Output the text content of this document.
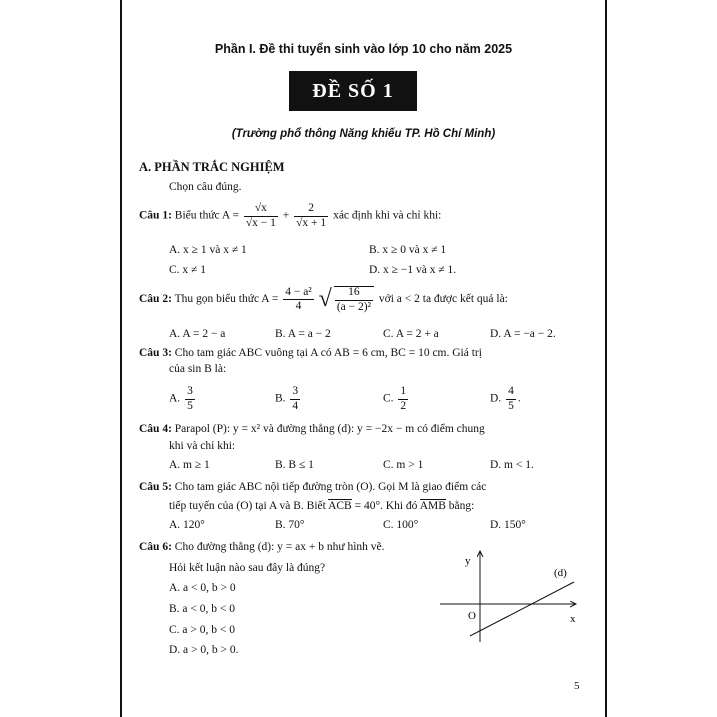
Phần I. Đề thi tuyển sinh vào lớp 10 cho năm 2025
ĐỀ SỐ 1
(Trường phổ thông Năng khiếu TP. Hồ Chí Minh)
A. PHẦN TRẮC NGHIỆM
Chọn câu đúng.
Câu 1: Biểu thức $A = \frac{√x}{√x - 1} + \frac{2}{√x + 1}$ xác định khi và chỉ khi:
A. x ≥ 1 và x ≠ 1	B. x ≥ 0 và x ≠ 1
C. x ≠ 1	D. x ≥ −1 và x ≠ 1.
Câu 2: Thu gọn biểu thức $A = \frac{\text{4 − a²}}{4}$ √ $\frac{16}{\text{(a − 2)²}}$ với a < 2 ta được kết quả là:
A. A = 2 − a	B. A = a − 2	C. A = 2 + a	D. A = −a − 2.
Câu 3: Cho tam giác ABC vuông tại A có AB = 6 cm, BC = 10 cm. Giá trị
của sin B là:
A. $\frac{3}{5}$	B. $\frac{3}{4}$	C. $\frac{1}{2}$	D. $\frac{4}{5}$ .
Câu 4: Parapol (P): y = x² và đường thẳng (d): y = −2x − m có điểm chung
khi và chỉ khi:
A. m ≥ 1	B. B ≤ 1	C. m > 1	D. m < 1.
Câu 5: Cho tam giác ABC nội tiếp đường tròn (O). Gọi M là giao điểm các
tiếp tuyến của (O) tại A và B. Biết ACB = 40°. Khi đó AMB bằng:
A. 120°	B. 70°	C. 100°	D. 150°
Câu 6: Cho đường thẳng (d): y = ax + b như hình vẽ.
Hỏi kết luận nào sau đây là đúng?
A. a < 0, b > 0
B. a < 0, b < 0
C. a > 0, b < 0
D. a > 0, b > 0.
y
x
O
(d)
5
